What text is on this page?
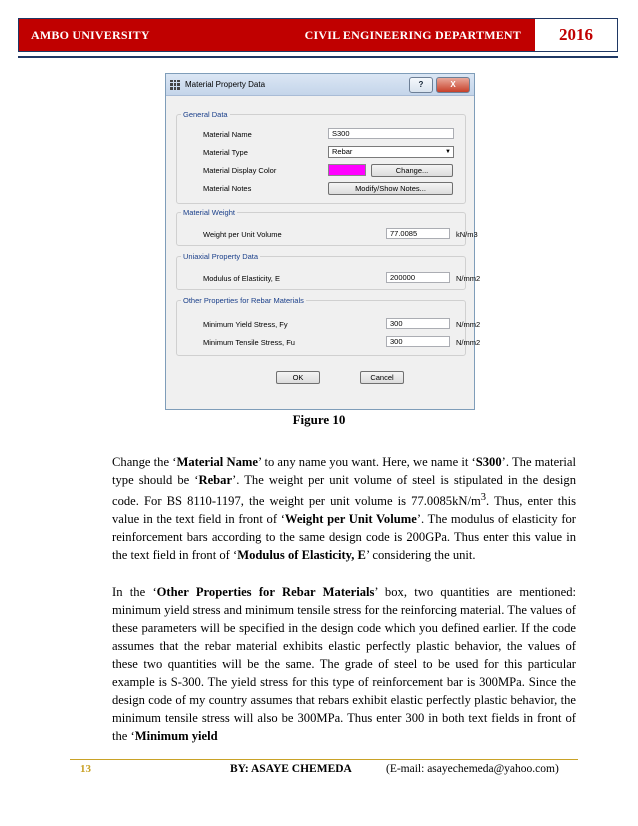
AMBO UNIVERSITY	CIVIL ENGINEERING DEPARTMENT	2016
Material Property Data	?	X
General Data
Material Name	S300
Material Type	Rebar	▼
Material Display Color	Change...
Material Notes	Modify/Show Notes...
Material Weight
Weight per Unit Volume	77.0085	kN/m3
Uniaxial Property Data
Modulus of Elasticity, E	200000	N/mm2
Other Properties for Rebar Materials
Minimum Yield Stress, Fy	300	N/mm2
Minimum Tensile Stress, Fu	300	N/mm2
OK	Cancel
Figure 10

Change the ‘Material Name’ to any name you want. Here, we name it ‘S300’. The material type should be ‘Rebar’. The weight per unit volume of steel is stipulated in the design code. For BS 8110-1197, the weight per unit volume is $77.0085kN/m^3$. Thus, enter this value in the text field in front of ‘Weight per Unit Volume’. The modulus of elasticity for reinforcement bars according to the same design code is 200GPa. Thus enter this value in the text field in front of ‘Modulus of Elasticity, E’ considering the unit.

In the ‘Other Properties for Rebar Materials’ box, two quantities are mentioned: minimum yield stress and minimum tensile stress for the reinforcing material. The values of these parameters will be specified in the design code which you defined earlier. If the code assumes that the rebar material exhibits elastic perfectly plastic behavior, the values of these two quantities will be the same. The grade of steel to be used for this particular example is S-300. The yield stress for this type of reinforcement bar is 300MPa. Since the design code of my country assumes that rebars exhibit elastic perfectly plastic behavior, the minimum tensile stress will also be 300MPa. Thus enter 300 in both text fields in front of the ‘Minimum yield

13	BY: ASAYE CHEMEDA	(E-mail: asayechemeda@yahoo.com)
